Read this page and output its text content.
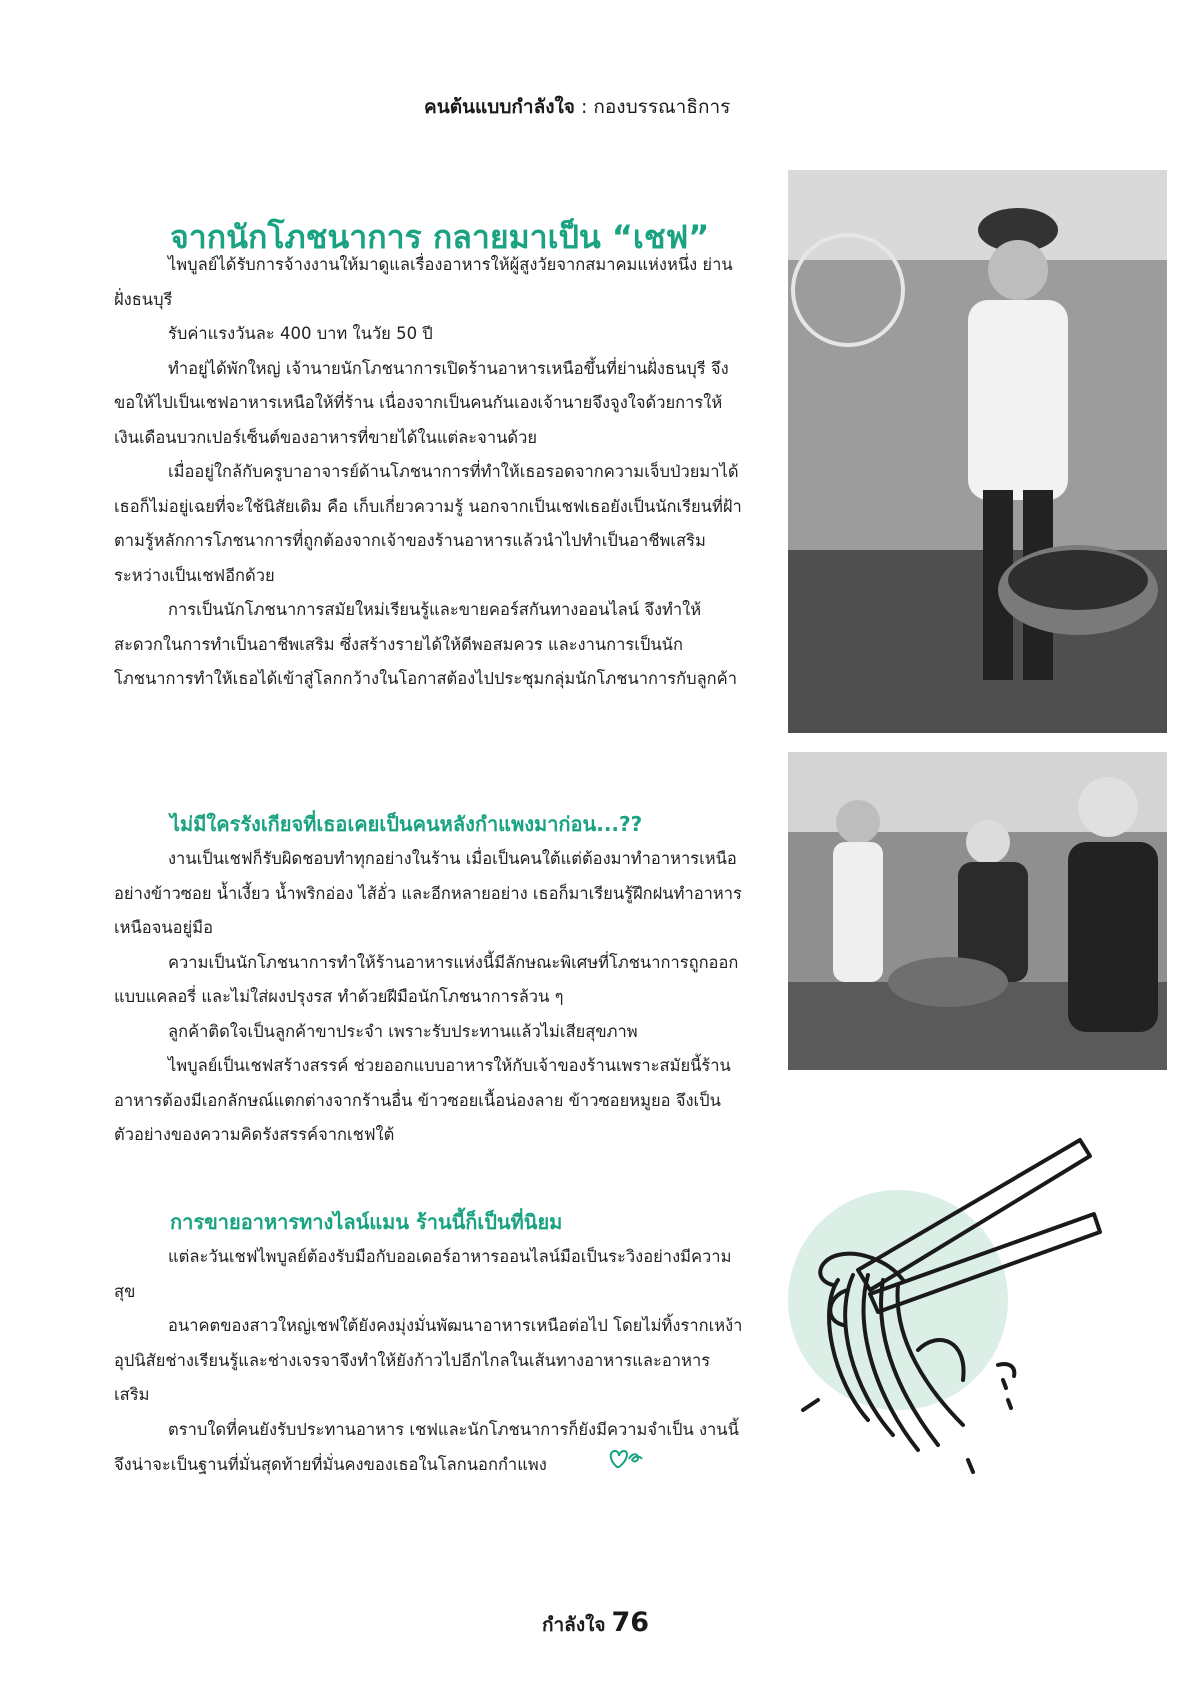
คนต้นแบบกำลังใจ : กองบรรณาธิการ
จากนักโภชนาการ กลายมาเป็น “เชฟ”

ไพบูลย์ได้รับการจ้างงานให้มาดูแลเรื่องอาหารให้ผู้สูงวัยจากสมาคมแห่งหนึ่ง ย่านฝั่งธนบุรี

รับค่าแรงวันละ 400 บาท ในวัย 50 ปี

ทำอยู่ได้พักใหญ่ เจ้านายนักโภชนาการเปิดร้านอาหารเหนือขึ้นที่ย่านฝั่งธนบุรี จึงขอให้ไปเป็นเชฟอาหารเหนือให้ที่ร้าน เนื่องจากเป็นคนกันเองเจ้านายจึงจูงใจด้วยการให้เงินเดือนบวกเปอร์เซ็นต์ของอาหารที่ขายได้ในแต่ละจานด้วย

เมื่ออยู่ใกล้กับครูบาอาจารย์ด้านโภชนาการที่ทำให้เธอรอดจากความเจ็บป่วยมาได้ เธอก็ไม่อยู่เฉยที่จะใช้นิสัยเดิม คือ เก็บเกี่ยวความรู้ นอกจากเป็นเชฟเธอยังเป็นนักเรียนที่ฝ้าตามรู้หลักการโภชนาการที่ถูกต้องจากเจ้าของร้านอาหารแล้วนำไปทำเป็นอาชีพเสริมระหว่างเป็นเชฟอีกด้วย

การเป็นนักโภชนาการสมัยใหม่เรียนรู้และขายคอร์สกันทางออนไลน์ จึงทำให้สะดวกในการทำเป็นอาชีพเสริม ซึ่งสร้างรายได้ให้ดีพอสมควร และงานการเป็นนักโภชนาการทำให้เธอได้เข้าสู่โลกกว้างในโอกาสต้องไปประชุมกลุ่มนักโภชนาการกับลูกค้า

ไม่มีใครรังเกียจที่เธอเคยเป็นคนหลังกำแพงมาก่อน...??

งานเป็นเชฟก็รับผิดชอบทำทุกอย่างในร้าน เมื่อเป็นคนใต้แต่ต้องมาทำอาหารเหนืออย่างข้าวซอย น้ำเงี้ยว น้ำพริกอ่อง ไส้อั่ว และอีกหลายอย่าง เธอก็มาเรียนรู้ฝึกฝนทำอาหารเหนือจนอยู่มือ

ความเป็นนักโภชนาการทำให้ร้านอาหารแห่งนี้มีลักษณะพิเศษที่โภชนาการถูกออกแบบแคลอรี่ และไม่ใส่ผงปรุงรส ทำด้วยฝีมือนักโภชนาการล้วน ๆ

ลูกค้าติดใจเป็นลูกค้าขาประจำ เพราะรับประทานแล้วไม่เสียสุขภาพ

ไพบูลย์เป็นเชฟสร้างสรรค์ ช่วยออกแบบอาหารให้กับเจ้าของร้านเพราะสมัยนี้ร้านอาหารต้องมีเอกลักษณ์แตกต่างจากร้านอื่น ข้าวซอยเนื้อน่องลาย ข้าวซอยหมูยอ จึงเป็นตัวอย่างของความคิดรังสรรค์จากเชฟใต้

การขายอาหารทางไลน์แมน ร้านนี้ก็เป็นที่นิยม

แต่ละวันเชฟไพบูลย์ต้องรับมือกับออเดอร์อาหารออนไลน์มือเป็นระวิงอย่างมีความสุข

อนาคตของสาวใหญ่เชฟใต้ยังคงมุ่งมั่นพัฒนาอาหารเหนือต่อไป โดยไม่ทิ้งรากเหง้าอุปนิสัยช่างเรียนรู้และช่างเจรจาจึงทำให้ยังก้าวไปอีกไกลในเส้นทางอาหารและอาหารเสริม

ตราบใดที่คนยังรับประทานอาหาร เชฟและนักโภชนาการก็ยังมีความจำเป็น งานนี้จึงน่าจะเป็นฐานที่มั่นสุดท้ายที่มั่นคงของเธอในโลกนอกกำแพง

กำลังใจ 76
